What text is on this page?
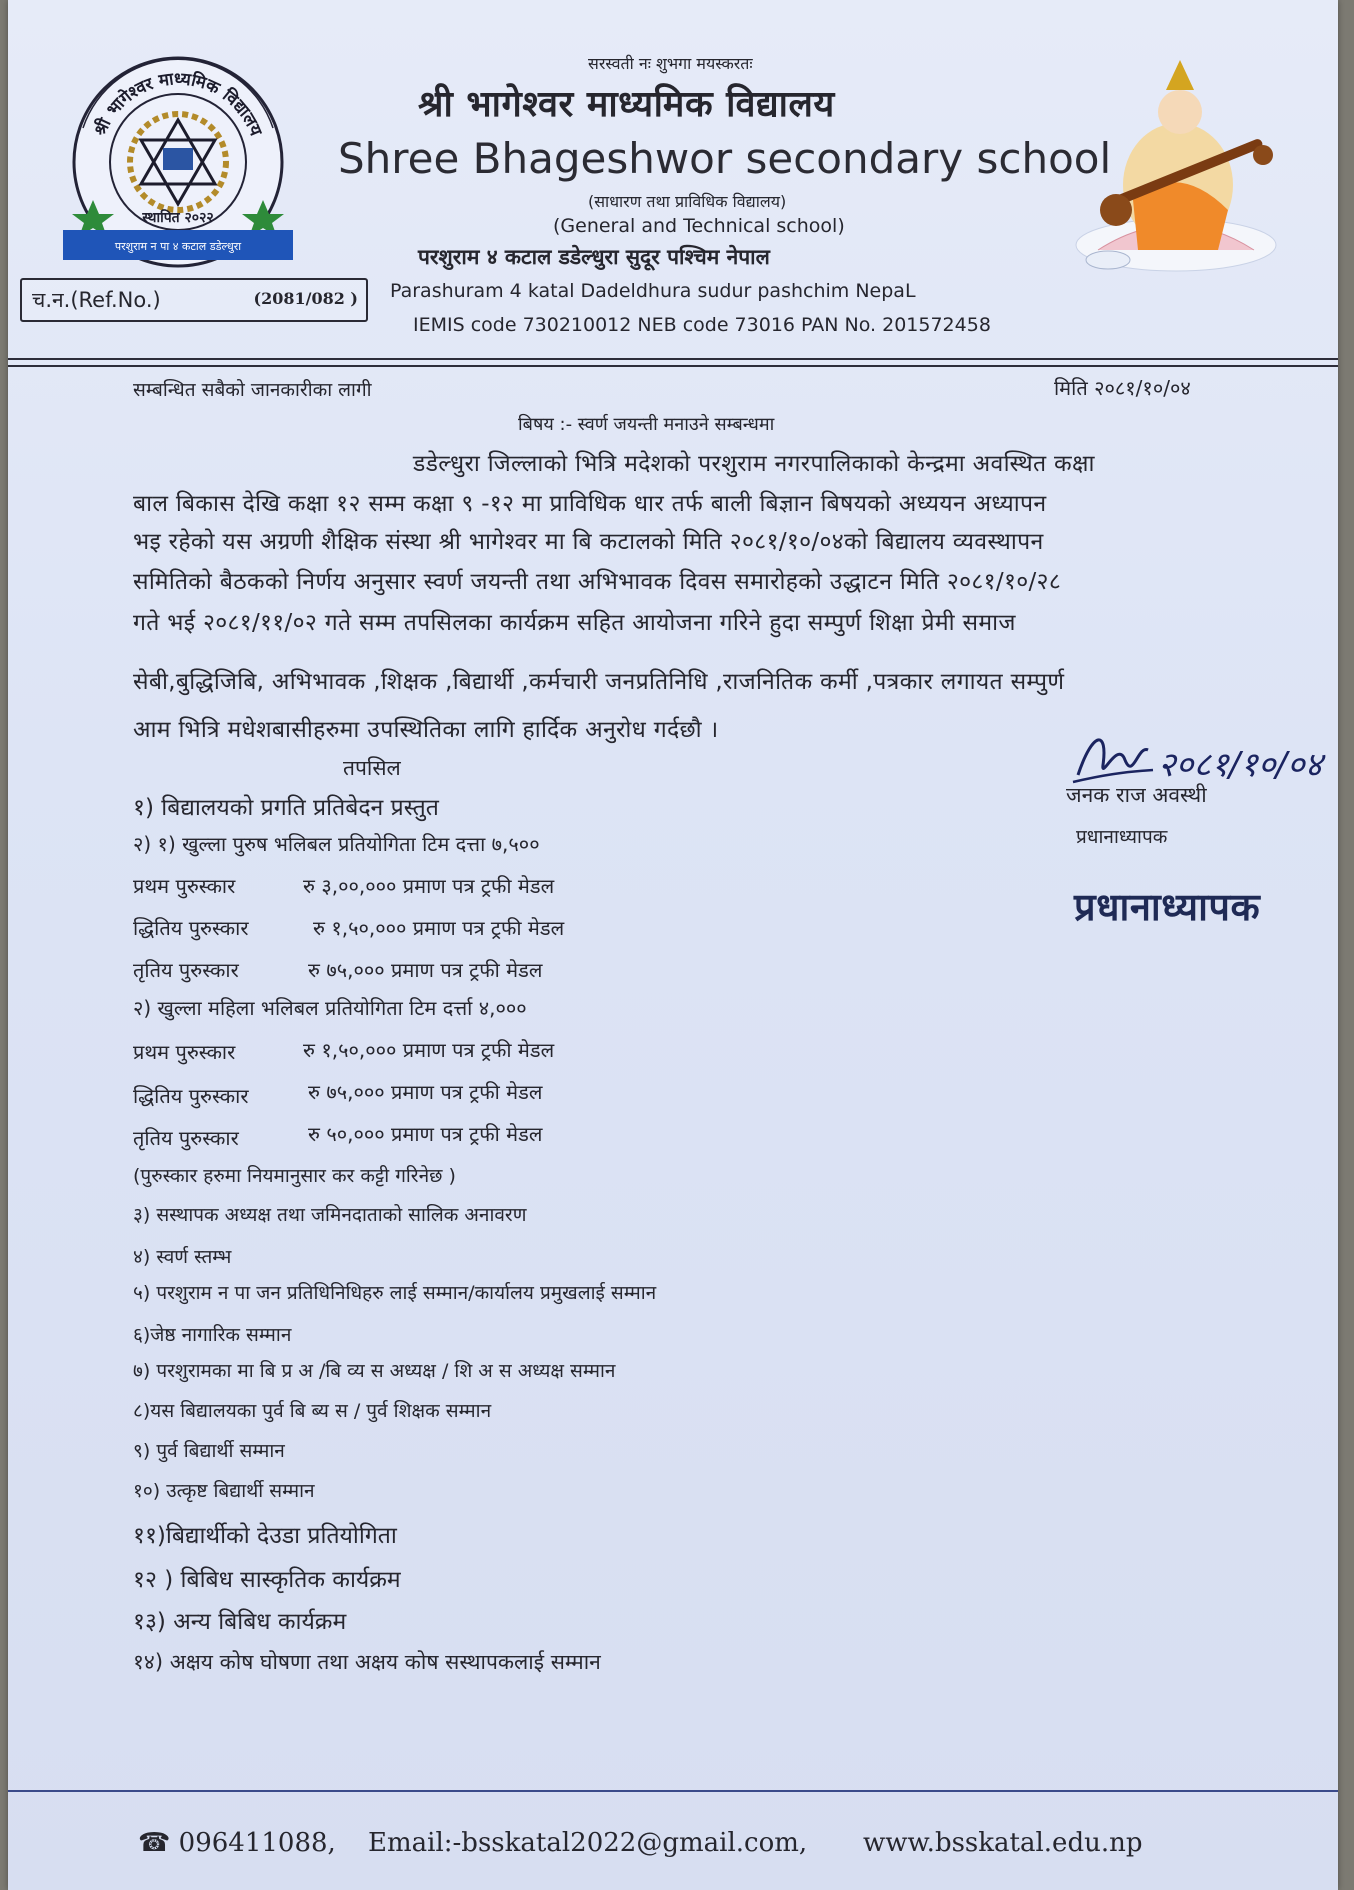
स्थापित २०२२
परशुराम न पा ४ कटाल डडेल्धुरा
श्री भागेश्वर माध्यमिक विद्यालय
च.न.(Ref.No.)	(2081/082 )
सरस्वती नः शुभगा मयस्करतः
श्री भागेश्वर माध्यमिक विद्यालय
Shree Bhageshwor secondary school
(साधारण तथा प्राविधिक विद्यालय)
(General and Technical school)
परशुराम ४ कटाल डडेल्धुरा सुदूर पश्चिम नेपाल
Parashuram 4 katal Dadeldhura sudur pashchim NepaL
IEMIS code 730210012 NEB code 73016 PAN No. 201572458
सम्बन्धित सबैको जानकारीका लागी	मिति २०८१/१०/०४
बिषय :- स्वर्ण जयन्ती मनाउने सम्बन्धमा
डडेल्धुरा जिल्लाको भित्रि मदेशको परशुराम नगरपालिकाको केन्द्रमा अवस्थित कक्षा
बाल बिकास देखि कक्षा १२ सम्म कक्षा ९ -१२ मा प्राविधिक धार तर्फ बाली बिज्ञान बिषयको अध्ययन अध्यापन
भइ रहेको यस अग्रणी शैक्षिक संस्था श्री भागेश्वर मा बि कटालको मिति २०८१/१०/०४को बिद्यालय व्यवस्थापन
समितिको बैठकको निर्णय अनुसार स्वर्ण जयन्ती तथा अभिभावक दिवस समारोहको उद्धाटन मिति २०८१/१०/२८
गते भई २०८१/११/०२ गते सम्म तपसिलका कार्यक्रम सहित आयोजना गरिने हुदा सम्पुर्ण शिक्षा प्रेमी समाज
सेबी,बुद्धिजिबि, अभिभावक ,शिक्षक ,बिद्यार्थी ,कर्मचारी जनप्रतिनिधि ,राजनितिक कर्मी ,पत्रकार लगायत सम्पुर्ण
आम भित्रि मधेशबासीहरुमा उपस्थितिका लागि हार्दिक अनुरोध गर्दछौ ।
तपसिल
१) बिद्यालयको प्रगति प्रतिबेदन प्रस्तुत
२) १) खुल्ला पुरुष भलिबल प्रतियोगिता टिम दत्ता ७,५००
प्रथम पुरुस्कार	रु ३,००,००० प्रमाण पत्र ट्रफी मेडल
द्धितिय पुरुस्कार	रु १,५०,००० प्रमाण पत्र ट्रफी मेडल
तृतिय पुरुस्कार	रु ७५,००० प्रमाण पत्र ट्रफी मेडल
२) खुल्ला महिला भलिबल प्रतियोगिता टिम दर्त्ता ४,०००
प्रथम पुरुस्कार	रु १,५०,००० प्रमाण पत्र ट्रफी मेडल
द्धितिय पुरुस्कार	रु ७५,००० प्रमाण पत्र ट्रफी मेडल
तृतिय पुरुस्कार	रु ५०,००० प्रमाण पत्र ट्रफी मेडल
(पुरुस्कार हरुमा नियमानुसार कर कट्टी गरिनेछ )
३) सस्थापक अध्यक्ष तथा जमिनदाताको सालिक अनावरण
४) स्वर्ण स्तम्भ
५) परशुराम न पा जन प्रतिधिनिधिहरु लाई सम्मान/कार्यालय प्रमुखलाई सम्मान
६)जेष्ठ नागारिक सम्मान
७) परशुरामका मा बि प्र अ /बि व्य स अध्यक्ष / शि अ स अध्यक्ष सम्मान
८)यस बिद्यालयका पुर्व बि ब्य स / पुर्व शिक्षक सम्मान
९) पुर्व बिद्यार्थी सम्मान
१०) उत्कृष्ट बिद्यार्थी सम्मान
११)बिद्यार्थीको देउडा प्रतियोगिता
१२ ) बिबिध सास्कृतिक कार्यक्रम
१३) अन्य बिबिध कार्यक्रम
१४) अक्षय कोष घोषणा तथा अक्षय कोष सस्थापकलाई सम्मान
२०८१/१०/०४
जनक राज अवस्थी
प्रधानाध्यापक
प्रधानाध्यापक
☎ 096411088, Email:-bsskatal2022@gmail.com, www.bsskatal.edu.np
